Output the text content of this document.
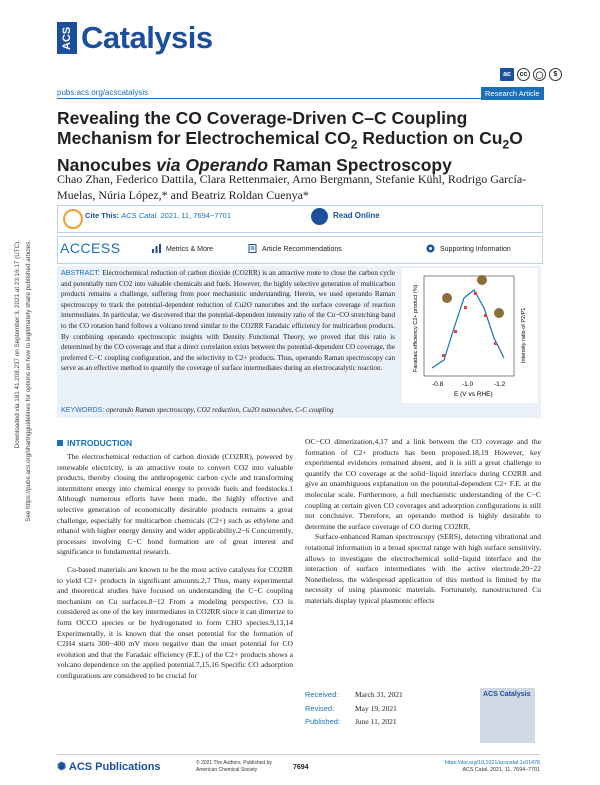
Downloaded via 181.41.208.237 on September 3, 2021 at 23:16:17 (UTC). See https://pubs.acs.org/sharingguidelines for options on how to legitimately share published articles.
ACS Catalysis
ac	cc	◯	$
pubs.acs.org/acscatalysis	Research Article
Revealing the CO Coverage-Driven C–C Coupling Mechanism for Electrochemical $CO_2$ Reduction on $Cu_2O$ Nanocubes via Operando Raman Spectroscopy
Chao Zhan, Federico Dattila, Clara Rettenmaier, Arno Bergmann, Stefanie Kühl, Rodrigo García-Muelas, Núria López,* and Beatriz Roldan Cuenya*
Cite This: ACS Catal. 2021, 11, 7694−7701	Read Online
ACCESS	Metrics & More	Article Recommendations	Supporting Information
ABSTRACT: Electrochemical reduction of carbon dioxide (CO2RR) is an attractive route to close the carbon cycle and potentially turn CO2 into valuable chemicals and fuels. However, the highly selective generation of multicarbon products remains a challenge, suffering from poor mechanistic understanding. Herein, we used operando Raman spectroscopy to track the potential-dependent reduction of Cu2O nanocubes and the surface coverage of reaction intermediates. In particular, we discovered that the potential-dependent intensity ratio of the Cu−CO stretching band to the CO rotation band follows a volcano trend similar to the CO2RR Faradaic efficiency for multicarbon products. By combining operando spectroscopic insights with Density Functional Theory, we proved that this ratio is determined by the CO coverage and that a direct correlation exists between the potential-dependent CO coverage, the preferred C−C coupling configuration, and the selectivity to C2+ products. Thus, operando Raman spectroscopy can serve as an effective method to quantify the coverage of surface intermediates during an electrocatalytic reaction.
-0.8	-1.0	-1.2
E (V vs RHE)
Faradaic efficiency C2+ product (%)	Intensity ratio of P2/P1
KEYWORDS: operando Raman spectroscopy, CO2 reduction, Cu2O nanocubes, C-C coupling
INTRODUCTION

The electrochemical reduction of carbon dioxide (CO2RR), powered by renewable electricity, is an attractive route to convert CO2 into valuable products, thereby closing the anthropogenic carbon cycle and transforming intermittent energy into chemical energy to provide fuels and feedstocks.1 Although numerous efforts have been made, the highly effective and selective generation of economically desirable products remains a great challenge, especially for multicarbon chemicals (C2+) such as ethylene and ethanol with higher energy density and wider applicability.2−6 Concurrently, processes involving C−C bond formation are of great interest and significance to fundamental research.

Cu-based materials are known to be the most active catalysts for CO2RR to yield C2+ products in significant amounts.2,7 Thus, many experimental and theoretical studies have focused on understanding the C−C coupling mechanism on Cu surfaces.8−12 From a modeling perspective, CO is considered as one of the key intermediates in CO2RR since it can dimerize to form OCCO species or be hydrogenated to form CHO species.9,13,14 Experimentally, it is known that the onset potential for the formation of C2H4 starts 300−400 mV more negative than the onset potential for CO evolution and that the Faradaic efficiency (F.E.) of the C2+ products shows a volcano dependence on the applied potential.7,15,16 Specific CO adsorption configurations are considered to be crucial for

OC−CO dimerization,4,17 and a link between the CO coverage and the formation of C2+ products has been proposed.18,19 However, key experimental evidences remained absent, and it is still a great challenge to quantify the CO coverage at the solid−liquid interface during CO2RR and give an unambiguous explanation on the potential-dependent C2+ F.E. at the molecular scale. Furthermore, a full mechanistic understanding of the C−C coupling at certain given CO coverages and adsorption configurations is still not conclusive. Therefore, an operando method is highly desirable to determine the surface coverage of CO during CO2RR.

Surface-enhanced Raman spectroscopy (SERS), detecting vibrational and rotational information in a broad spectral range with high surface sensitivity, allows to investigate the electrochemical solid−liquid interface and the interaction of surface intermediates with the active electrode.20−22 Nonetheless, the widespread application of this method is limited by the necessity of using plasmonic materials. Fortunately, nanostructured Cu materials display typical plasmonic effects

Received: March 31, 2021
Revised:	May 19, 2021
Published: June 11, 2021
ACS Catalysis
✺ ACS Publications	© 2021 The Authors. Published by American Chemical Society	7694
https://doi.org/10.1021/acscatal.1c01478
ACS Catal. 2021, 11, 7694−7701
